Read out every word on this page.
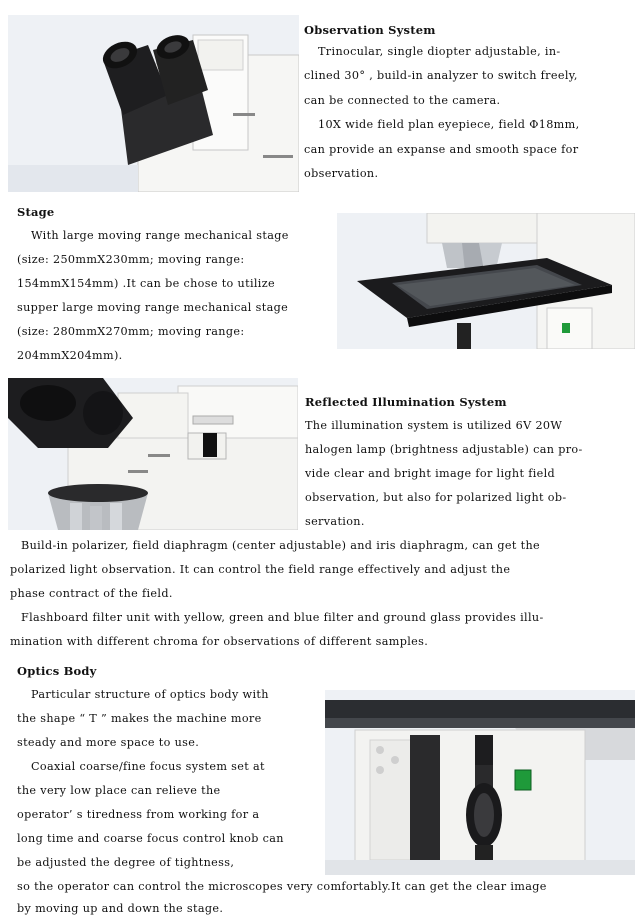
Observation System
Trinocular, single diopter adjustable, in-
clined 30° , build-in analyzer to switch freely,
can be connected to the camera.
10X wide field plan eyepiece, field Φ18mm,
can provide an expanse and smooth space for
observation.
Stage
With large moving range mechanical stage
(size: 250mmX230mm; moving range:
154mmX154mm) .It can be chose to utilize
supper large moving range mechanical stage
(size: 280mmX270mm; moving range:
204mmX204mm).
Reflected Illumination System
The illumination system is utilized 6V 20W
halogen lamp (brightness adjustable) can pro-
vide clear and bright image for light field
observation, but also for polarized light ob-
servation.
Build-in polarizer, field diaphragm (center adjustable) and iris diaphragm, can get the
polarized light observation. It can control the field range effectively and adjust the
phase contract of the field.
Flashboard filter unit with yellow, green and blue filter and ground glass provides illu-
mination with different chroma for observations of different samples.
Optics Body
Particular structure of optics body with
the shape “ T ” makes the machine more
steady and more space to use.
Coaxial coarse/fine focus system set at
the very low place can relieve the
operator’ s tiredness from working for a
long time and coarse focus control knob can
be adjusted the degree of tightness,
so the operator can control the microscopes very comfortably.It can get the clear image
by moving up and down the stage.
